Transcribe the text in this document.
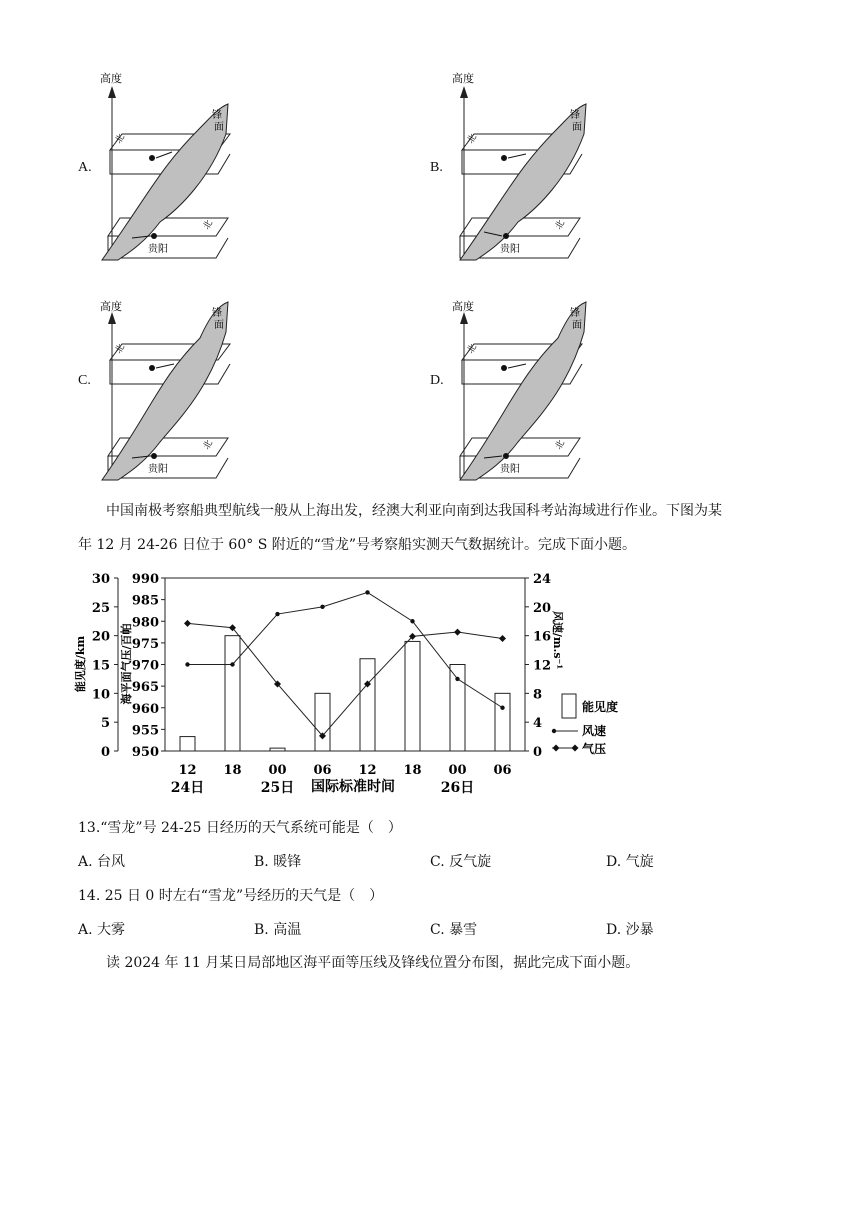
A.
高度
锋
面
北
北
贵阳
B.
高度
锋
面
北
北
贵阳
C.
高度
锋
面
北
北
贵阳
D.
高度
锋
面
北
北
贵阳
中国南极考察船典型航线一般从上海出发，经澳大利亚向南到达我国科考站海域进行作业。下图为某
年 12 月 24-26 日位于 60° S 附近的“雪龙”号考察船实测天气数据统计。完成下面小题。
0
5
10
15
20
25
30
能见度/km
950
955
960
965
970
975
980
985
990
海平面气压/百帕
0
4
8
12
16
20
24
风速/m.s⁻¹
12 18 00 06 12 18 00 06
24日	25日	26日
能见度
风速
气压
国际标准时间
13.“雪龙”号 24-25 日经历的天气系统可能是（　）
A. 台风	B. 暖锋	C. 反气旋	D. 气旋
14. 25 日 0 时左右“雪龙”号经历的天气是（　）
A. 大雾	B. 高温	C. 暴雪	D. 沙暴
读 2024 年 11 月某日局部地区海平面等压线及锋线位置分布图，据此完成下面小题。
